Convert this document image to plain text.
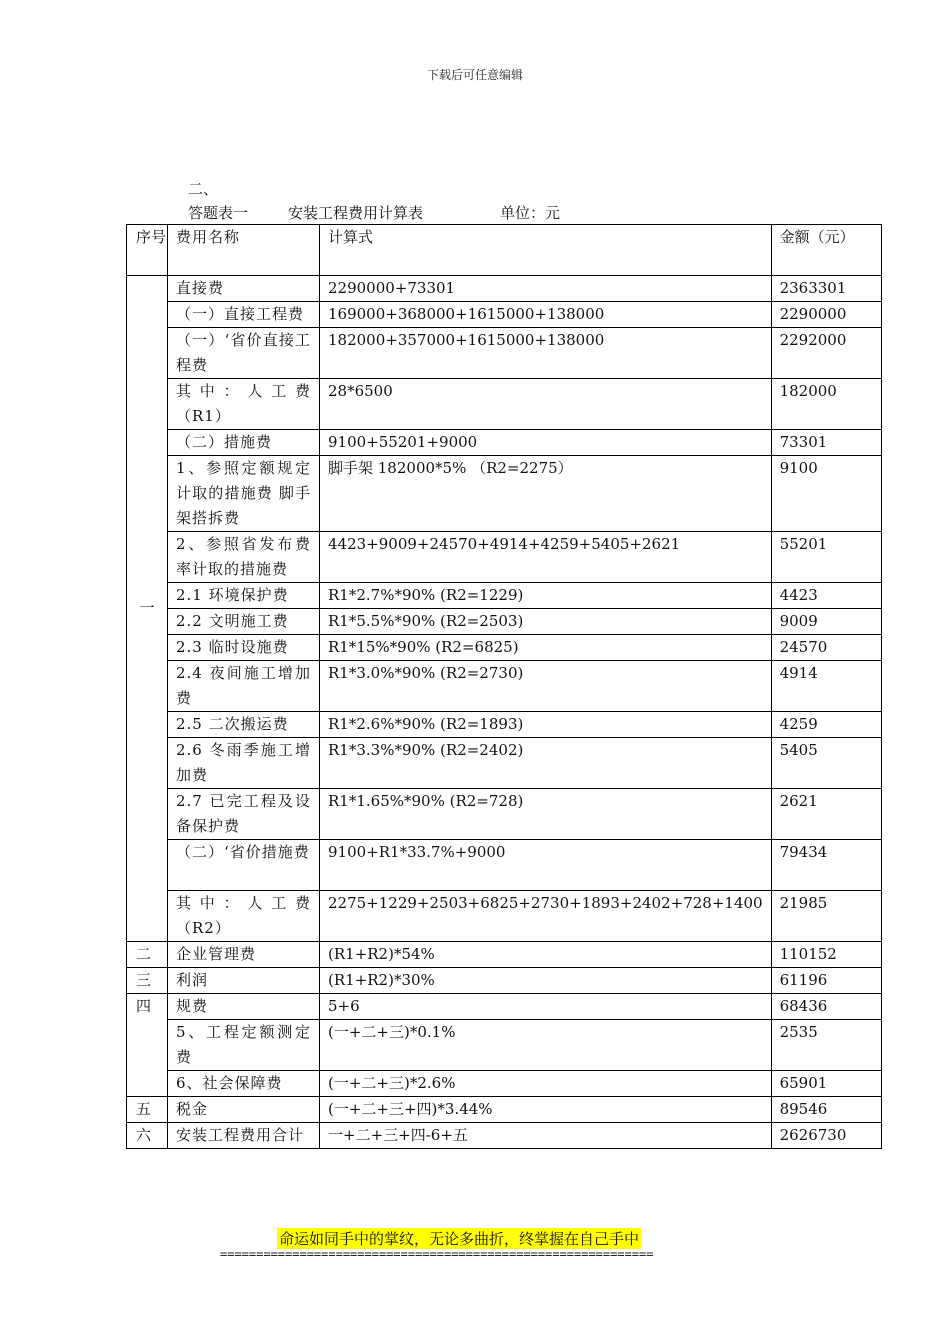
下载后可任意编辑
二、
答题表一	安装工程费用计算表	单位：元
序号	费用名称	计算式	金额（元）
一	直接费	2290000+73301	2363301
	（一）直接工程费	169000+368000+1615000+138000	2290000
	（一）‘省价直接工程费	182000+357000+1615000+138000	2292000
	其中：人工费（R1）	28*6500	182000
	（二）措施费	9100+55201+9000	73301
	1、参照定额规定计取的措施费 脚手架搭拆费	脚手架 182000*5% （R2=2275）	9100
	2、参照省发布费率计取的措施费	4423+9009+24570+4914+4259+5405+2621	55201
	2.1 环境保护费	R1*2.7%*90% (R2=1229)	4423
	2.2 文明施工费	R1*5.5%*90% (R2=2503)	9009
	2.3 临时设施费	R1*15%*90% (R2=6825)	24570
	2.4 夜间施工增加费	R1*3.0%*90% (R2=2730)	4914
	2.5 二次搬运费	R1*2.6%*90% (R2=1893)	4259
	2.6 冬雨季施工增加费	R1*3.3%*90% (R2=2402)	5405
	2.7 已完工程及设备保护费	R1*1.65%*90% (R2=728)	2621
	（二）‘省价措施费	9100+R1*33.7%+9000	79434
	其中：人工费（R2）	2275+1229+2503+6825+2730+1893+2402+728+1400	21985
二	企业管理费	(R1+R2)*54%	110152
三	利润	(R1+R2)*30%	61196
四	规费	5+6	68436
	5、工程定额测定费	(一+二+三)*0.1%	2535
	6、社会保障费	(一+二+三)*2.6%	65901
五	税金	(一+二+三+四)*3.44%	89546
六	安装工程费用合计	一+二+三+四-6+五	2626730
命运如同手中的掌纹，无论多曲折，终掌握在自己手中
============================================================
